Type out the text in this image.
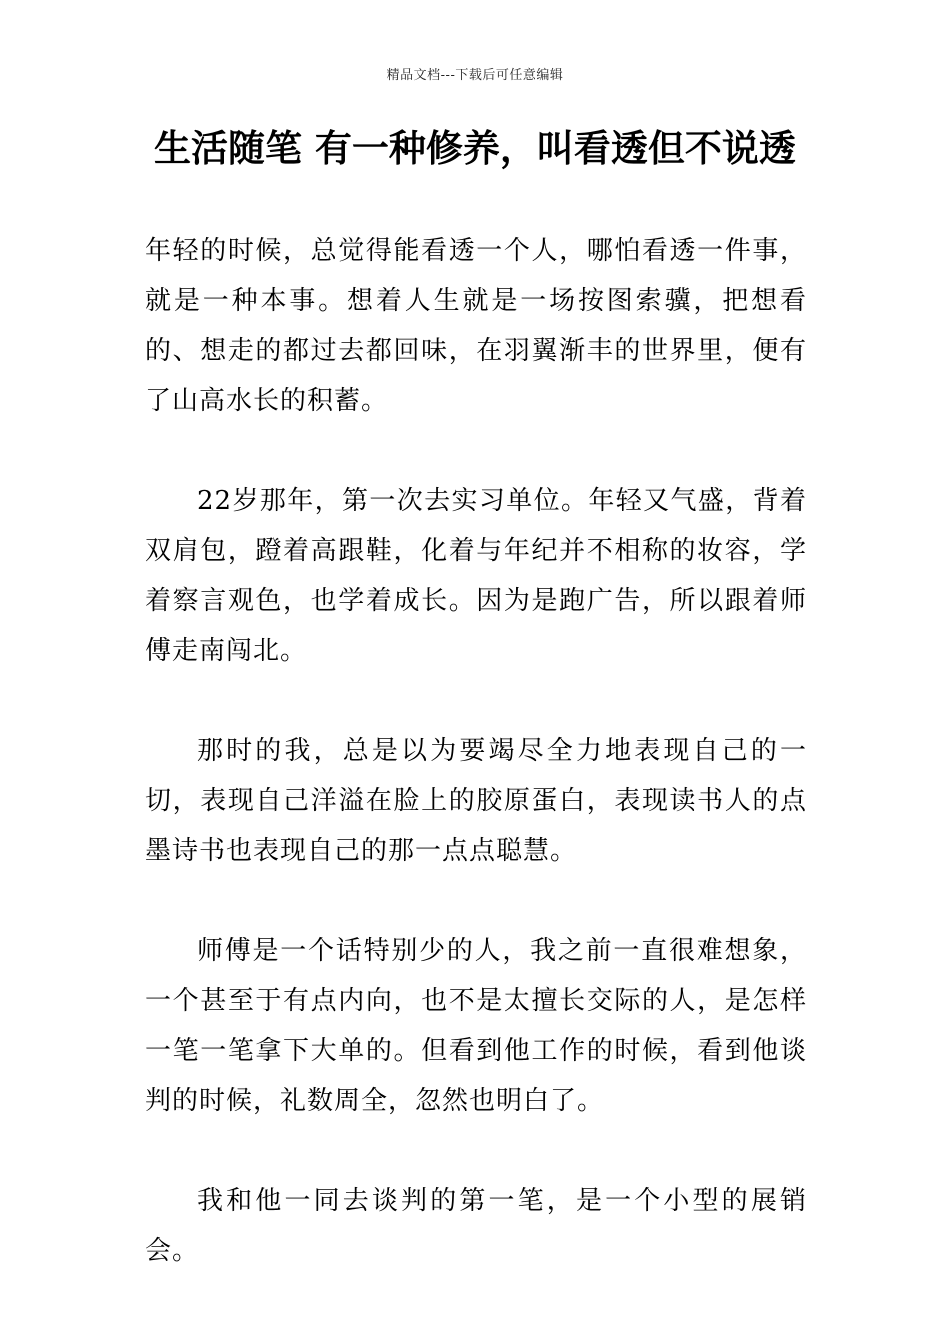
精品文档---下载后可任意编辑
生活随笔 有一种修养，叫看透但不说透

年轻的时候，总觉得能看透一个人，哪怕看透一件事，就是一种本事。想着人生就是一场按图索骥，把想看的、想走的都过去都回味，在羽翼渐丰的世界里，便有了山高水长的积蓄。

22岁那年，第一次去实习单位。年轻又气盛，背着双肩包，蹬着高跟鞋，化着与年纪并不相称的妆容，学着察言观色，也学着成长。因为是跑广告，所以跟着师傅走南闯北。

那时的我，总是以为要竭尽全力地表现自己的一切，表现自己洋溢在脸上的胶原蛋白，表现读书人的点墨诗书也表现自己的那一点点聪慧。

师傅是一个话特别少的人，我之前一直很难想象，一个甚至于有点内向，也不是太擅长交际的人，是怎样一笔一笔拿下大单的。但看到他工作的时候，看到他谈判的时候，礼数周全，忽然也明白了。

我和他一同去谈判的第一笔，是一个小型的展销会。
